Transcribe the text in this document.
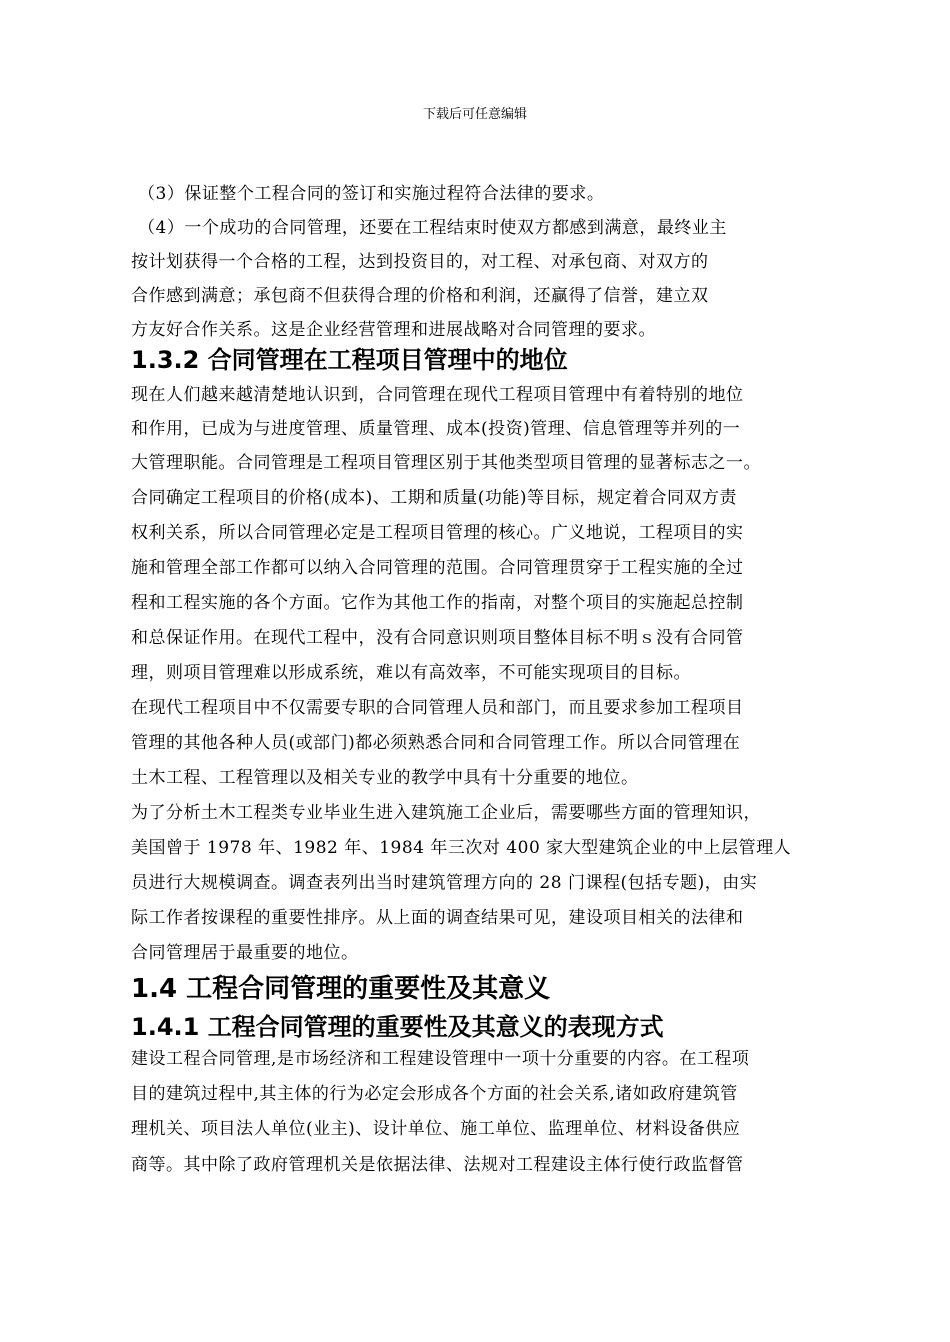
下载后可任意编辑
（3）保证整个工程合同的签订和实施过程符合法律的要求。
（4）一个成功的合同管理，还要在工程结束时使双方都感到满意，最终业主
按计划获得一个合格的工程，达到投资目的，对工程、对承包商、对双方的
合作感到满意；承包商不但获得合理的价格和利润，还赢得了信誉，建立双
方友好合作关系。这是企业经营管理和进展战略对合同管理的要求。
1.3.2 合同管理在工程项目管理中的地位
现在人们越来越清楚地认识到，合同管理在现代工程项目管理中有着特别的地位
和作用，已成为与进度管理、质量管理、成本(投资)管理、信息管理等并列的一
大管理职能。合同管理是工程项目管理区别于其他类型项目管理的显著标志之一。
合同确定工程项目的价格(成本)、工期和质量(功能)等目标，规定着合同双方责
权利关系，所以合同管理必定是工程项目管理的核心。广义地说，工程项目的实
施和管理全部工作都可以纳入合同管理的范围。合同管理贯穿于工程实施的全过
程和工程实施的各个方面。它作为其他工作的指南，对整个项目的实施起总控制
和总保证作用。在现代工程中，没有合同意识则项目整体目标不明ｓ没有合同管
理，则项目管理难以形成系统，难以有高效率，不可能实现项目的目标。
在现代工程项目中不仅需要专职的合同管理人员和部门，而且要求参加工程项目
管理的其他各种人员(或部门)都必须熟悉合同和合同管理工作。所以合同管理在
土木工程、工程管理以及相关专业的教学中具有十分重要的地位。
为了分析土木工程类专业毕业生进入建筑施工企业后，需要哪些方面的管理知识，
美国曾于 1978 年、1982 年、1984 年三次对 400 家大型建筑企业的中上层管理人
员进行大规模调查。调查表列出当时建筑管理方向的 28 门课程(包括专题)，由实
际工作者按课程的重要性排序。从上面的调查结果可见，建设项目相关的法律和
合同管理居于最重要的地位。
1.4 工程合同管理的重要性及其意义
1.4.1 工程合同管理的重要性及其意义的表现方式
建设工程合同管理,是市场经济和工程建设管理中一项十分重要的内容。在工程项
目的建筑过程中,其主体的行为必定会形成各个方面的社会关系,诸如政府建筑管
理机关、项目法人单位(业主)、设计单位、施工单位、监理单位、材料设备供应
商等。其中除了政府管理机关是依据法律、法规对工程建设主体行使行政监督管
